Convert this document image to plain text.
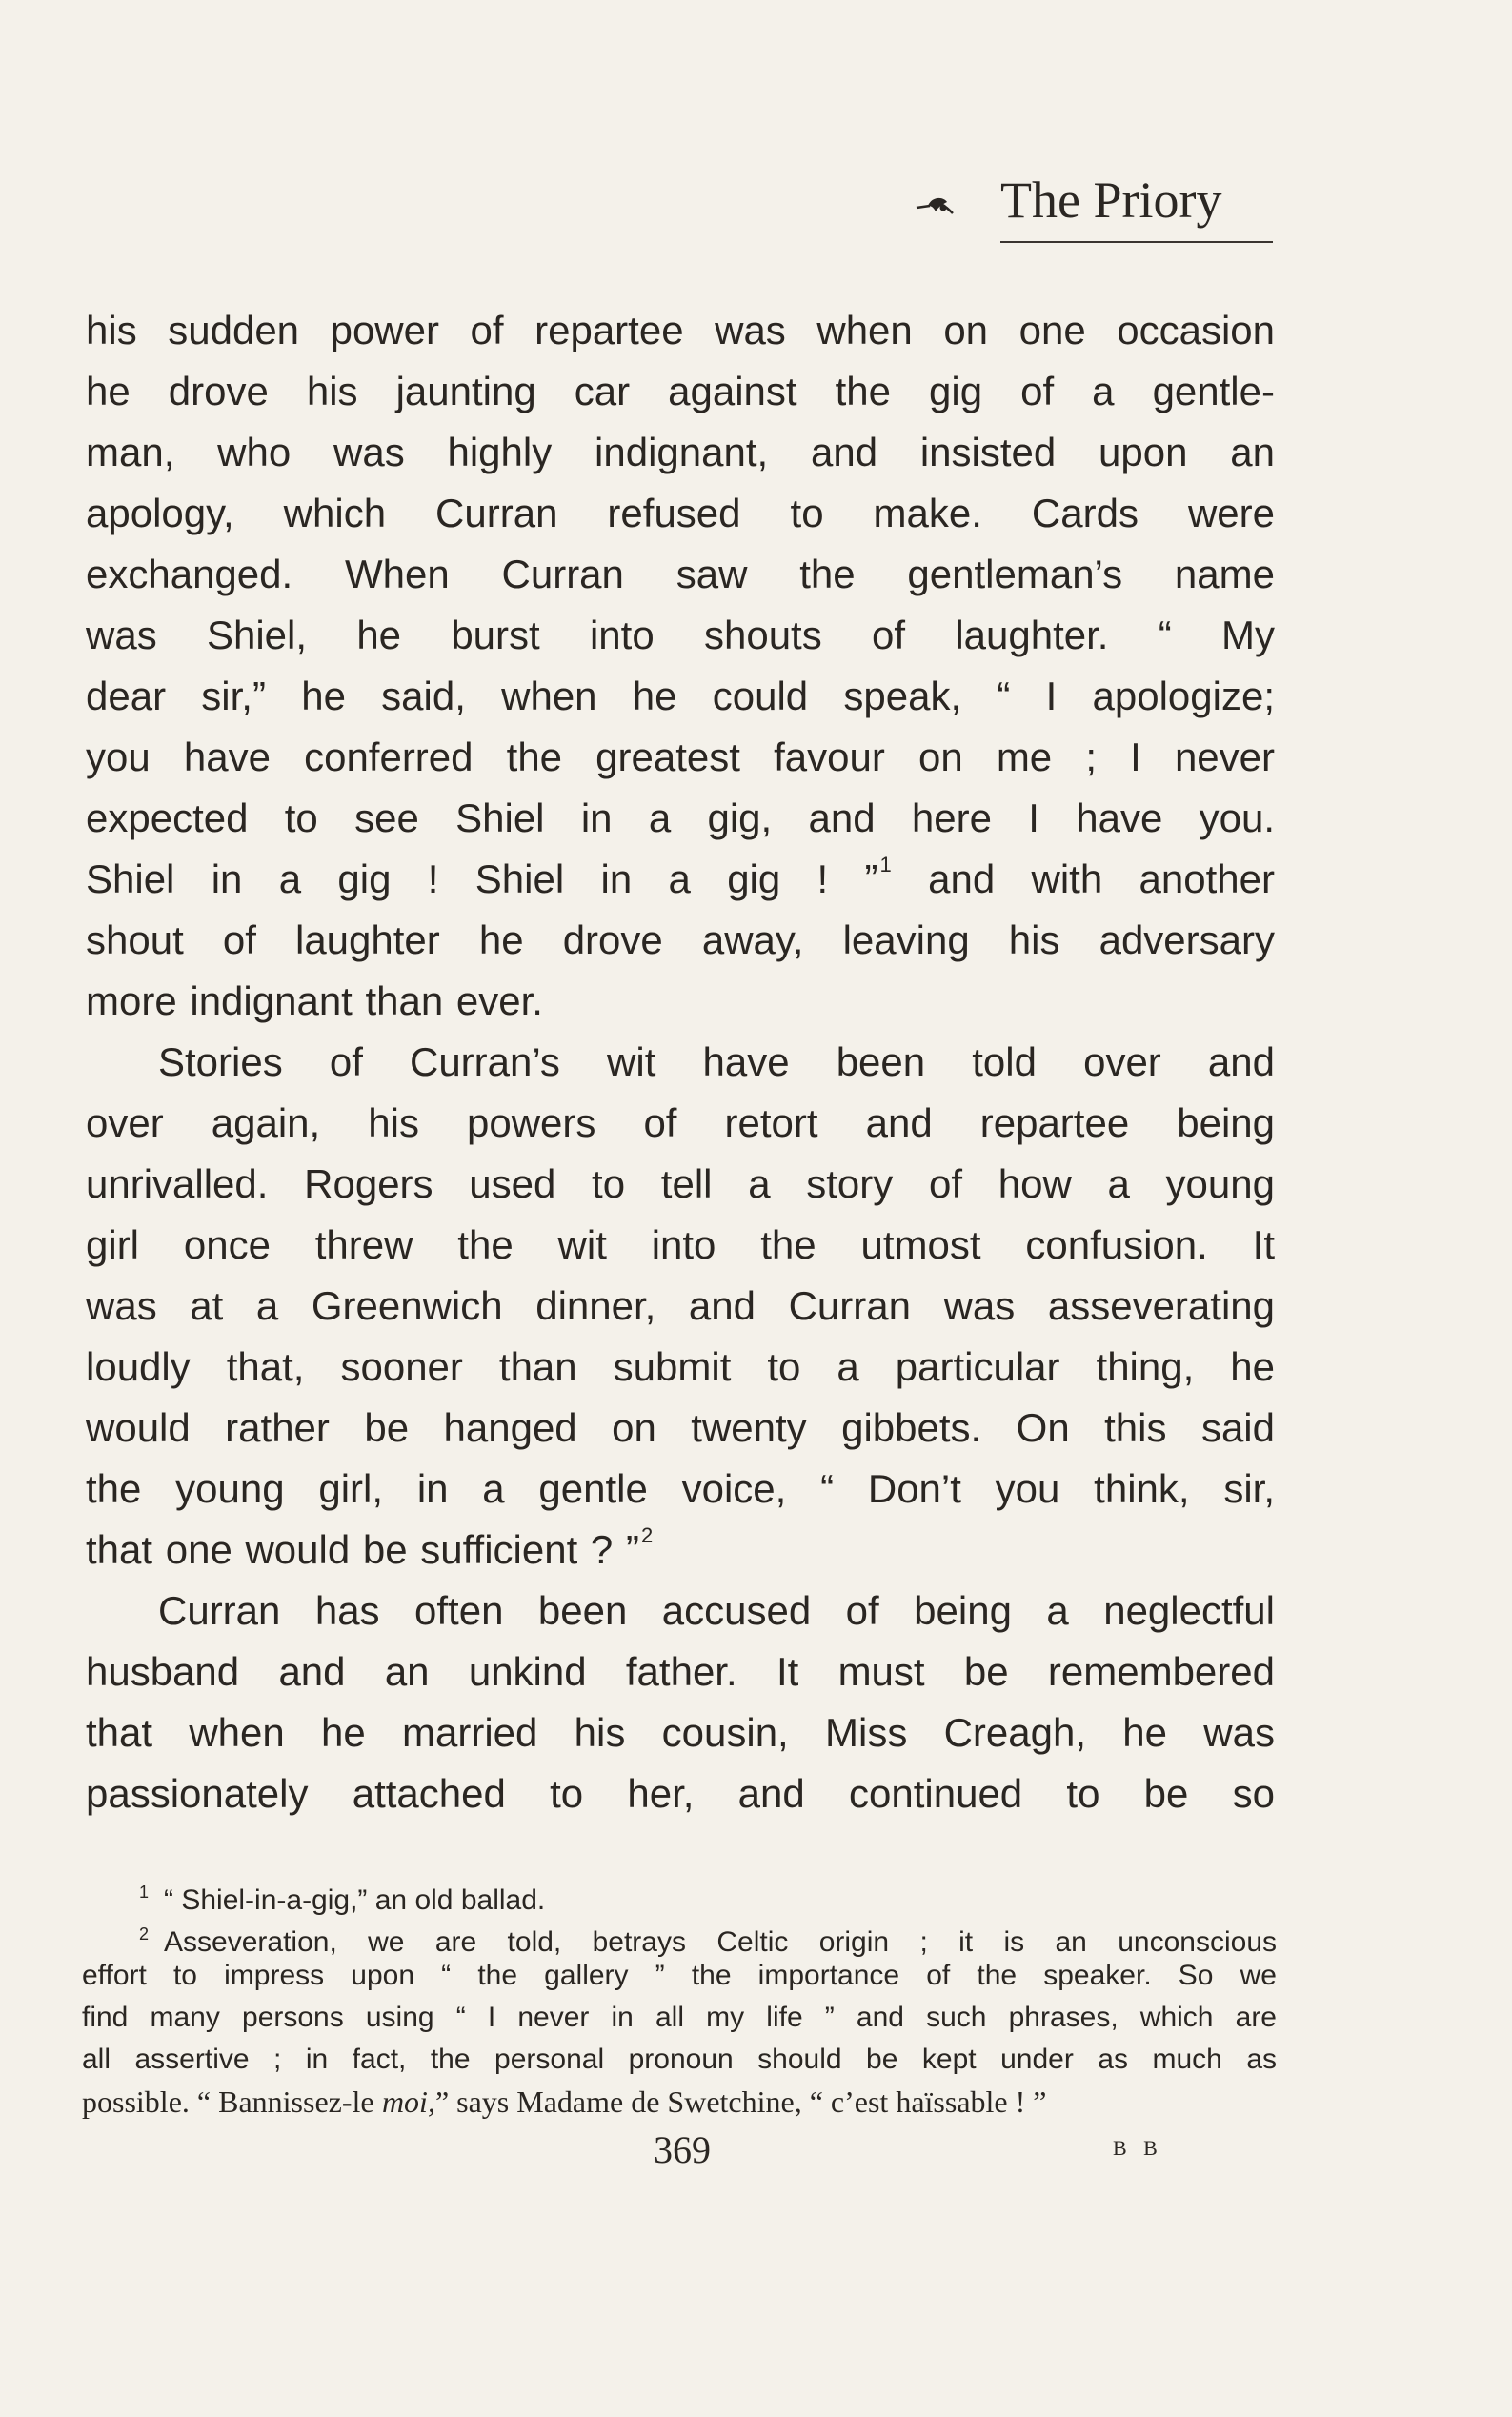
The Priory
his sudden power of repartee was when on one occasion
he drove his jaunting car against the gig of a gentle-
man, who was highly indignant, and insisted upon an
apology, which Curran refused to make. Cards were
exchanged. When Curran saw the gentleman’s name
was Shiel, he burst into shouts of laughter. “ My
dear sir,” he said, when he could speak, “ I apologize;
you have conferred the greatest favour on me ; I never
expected to see Shiel in a gig, and here I have you.
Shiel in a gig ! Shiel in a gig ! ”$^1$ and with another
shout of laughter he drove away, leaving his adversary
more indignant than ever.
Stories of Curran’s wit have been told over and
over again, his powers of retort and repartee being
unrivalled. Rogers used to tell a story of how a young
girl once threw the wit into the utmost confusion. It
was at a Greenwich dinner, and Curran was asseverating
loudly that, sooner than submit to a particular thing, he
would rather be hanged on twenty gibbets. On this said
the young girl, in a gentle voice, “ Don’t you think, sir,
that one would be sufficient ? ”$^2$
Curran has often been accused of being a neglectful
husband and an unkind father. It must be remembered
that when he married his cousin, Miss Creagh, he was
passionately attached to her, and continued to be so
$^1$ “ Shiel-in-a-gig,” an old ballad.
$^2$ Asseveration, we are told, betrays Celtic origin ; it is an unconscious
effort to impress upon “ the gallery ” the importance of the speaker. So we
find many persons using “ I never in all my life ” and such phrases, which are
all assertive ; in fact, the personal pronoun should be kept under as much as
possible. “ Bannissez-le moi,” says Madame de Swetchine, “ c’est haïssable ! ”
369	B B
